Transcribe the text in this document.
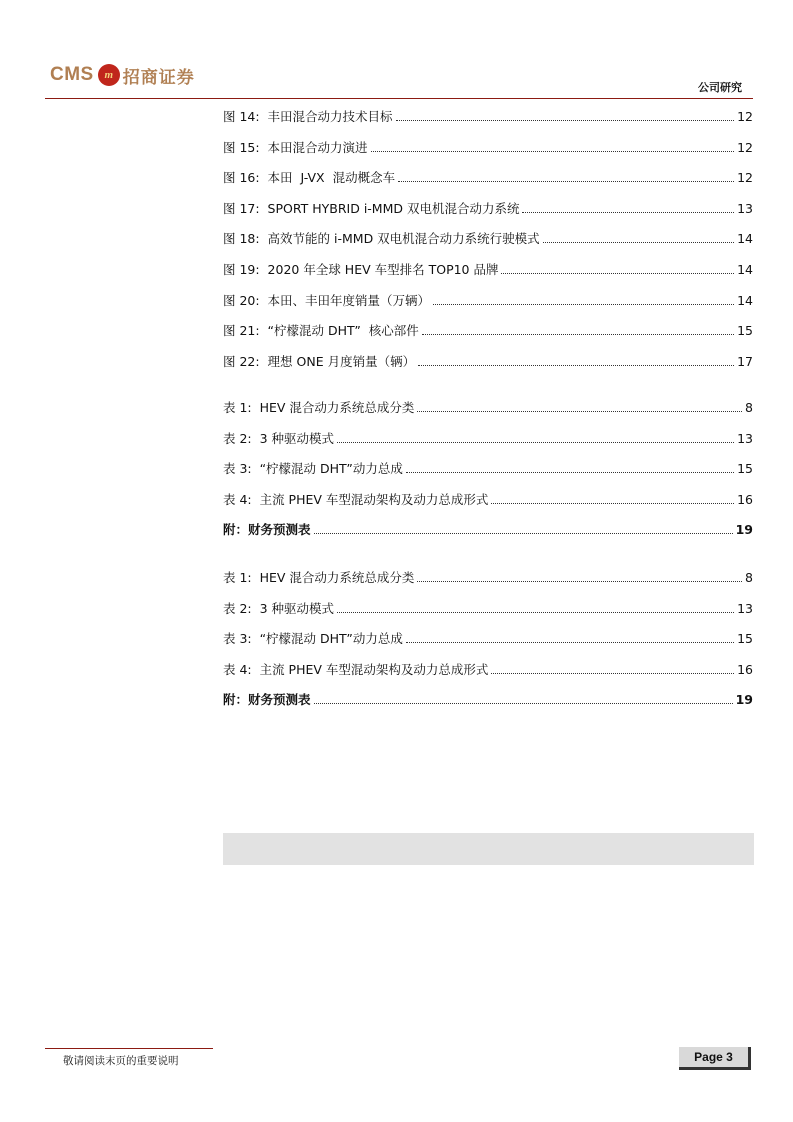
CMS m 招商证券	公司研究
图 14:  丰田混合动力技术目标	12
图 15:  本田混合动力演进	12
图 16:  本田  J-VX  混动概念车	12
图 17:  SPORT HYBRID i-MMD 双电机混合动力系统	13
图 18:  高效节能的 i-MMD 双电机混合动力系统行驶模式	14
图 19:  2020 年全球 HEV 车型排名 TOP10 品牌	14
图 20:  本田、丰田年度销量（万辆）	14
图 21:  “柠檬混动 DHT”  核心部件	15
图 22:  理想 ONE 月度销量（辆）	17
表 1:  HEV 混合动力系统总成分类	8
表 2:  3 种驱动模式	13
表 3:  “柠檬混动 DHT”动力总成	15
表 4:  主流 PHEV 车型混动架构及动力总成形式	16
附：财务预测表	19
表 1:  HEV 混合动力系统总成分类	8
表 2:  3 种驱动模式	13
表 3:  “柠檬混动 DHT”动力总成	15
表 4:  主流 PHEV 车型混动架构及动力总成形式	16
附：财务预测表	19
敬请阅读末页的重要说明	Page 3
